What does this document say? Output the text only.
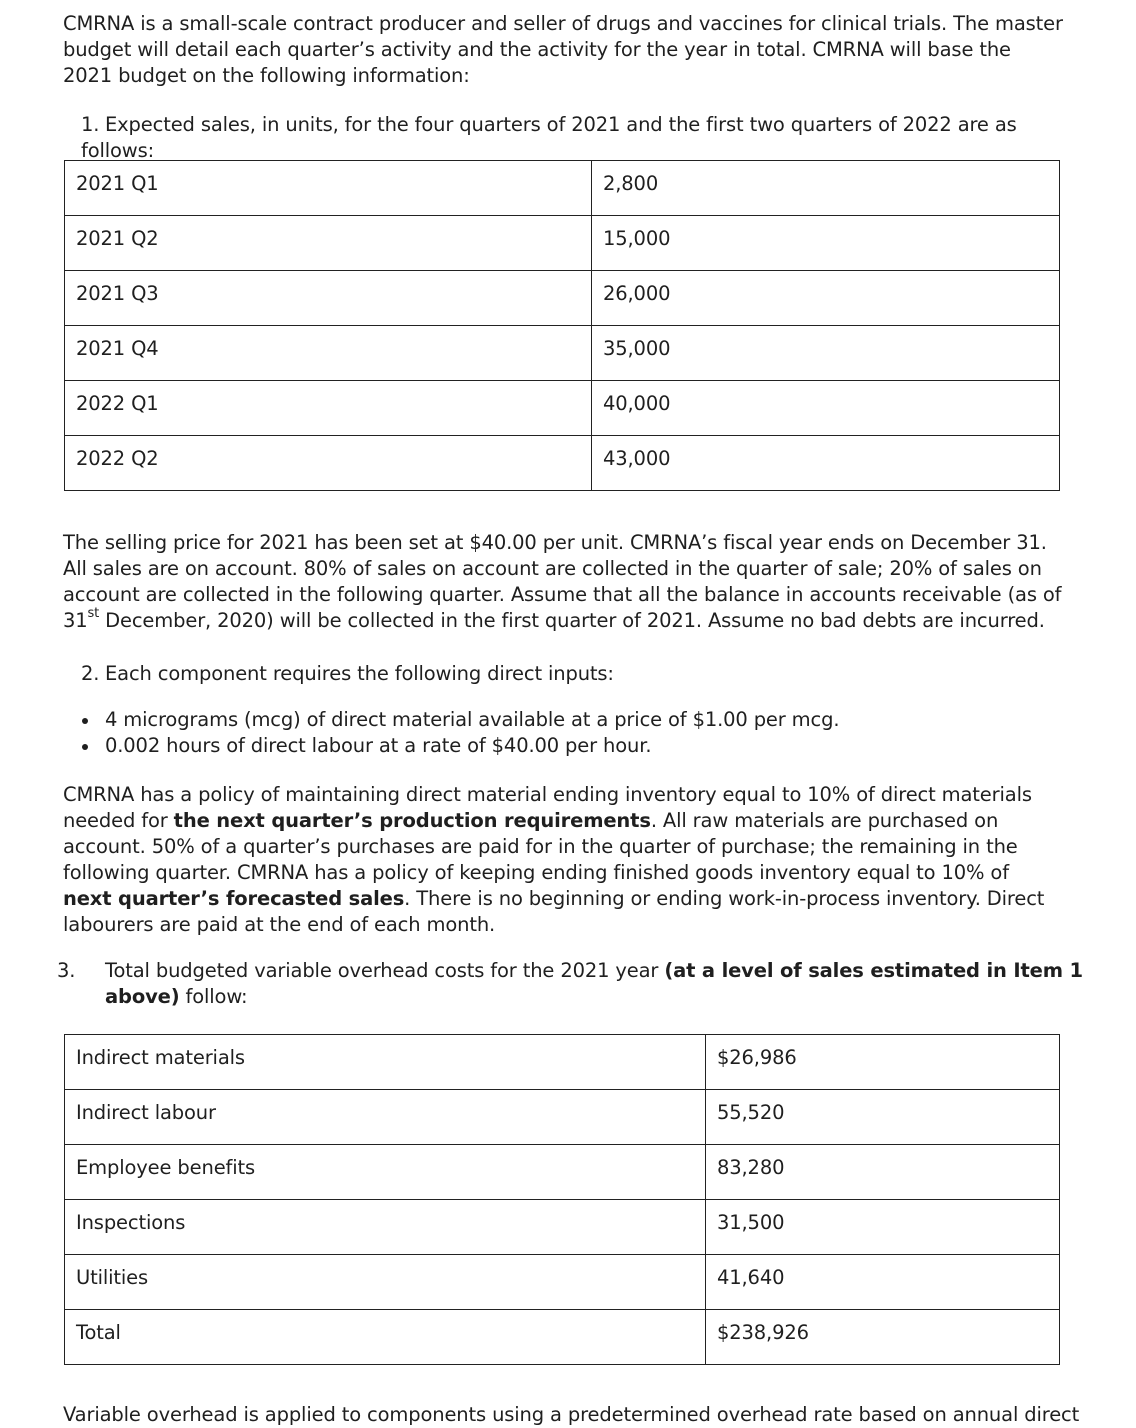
CMRNA is a small-scale contract producer and seller of drugs and vaccines for clinical trials. The master budget will detail each quarter’s activity and the activity for the year in total. CMRNA will base the 2021 budget on the following information:

1. Expected sales, in units, for the four quarters of 2021 and the first two quarters of 2022 are as follows:

2021 Q1	2,800
2021 Q2	15,000
2021 Q3	26,000
2021 Q4	35,000
2022 Q1	40,000
2022 Q2	43,000

The selling price for 2021 has been set at $40.00 per unit. CMRNA’s fiscal year ends on December 31. All sales are on account. 80% of sales on account are collected in the quarter of sale; 20% of sales on account are collected in the following quarter. Assume that all the balance in accounts receivable (as of 31st December, 2020) will be collected in the first quarter of 2021. Assume no bad debts are incurred.

2. Each component requires the following direct inputs:

4 micrograms (mcg) of direct material available at a price of $1.00 per mcg.
0.002 hours of direct labour at a rate of $40.00 per hour.

CMRNA has a policy of maintaining direct material ending inventory equal to 10% of direct materials needed for the next quarter’s production requirements. All raw materials are purchased on account. 50% of a quarter’s purchases are paid for in the quarter of purchase; the remaining in the following quarter. CMRNA has a policy of keeping ending finished goods inventory equal to 10% of next quarter’s forecasted sales. There is no beginning or ending work-in-process inventory. Direct labourers are paid at the end of each month.

3. Total budgeted variable overhead costs for the 2021 year (at a level of sales estimated in Item 1 above) follow:

Indirect materials	$26,986
Indirect labour	55,520
Employee benefits	83,280
Inspections	31,500
Utilities	41,640
Total	$238,926

Variable overhead is applied to components using a predetermined overhead rate based on annual direct
